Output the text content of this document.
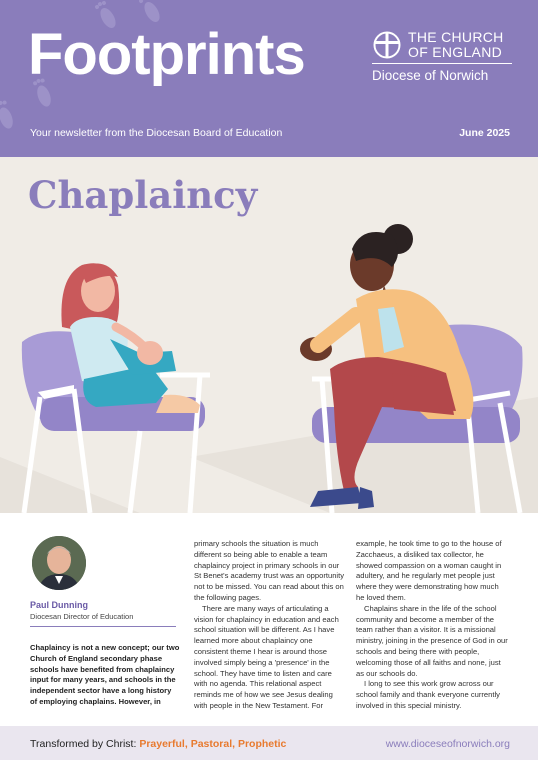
Footprints	THE CHURCH
OF ENGLAND
Diocese of Norwich
Your newsletter from the Diocesan Board of Education	June 2025
Chaplaincy
Paul Dunning
Diocesan Director of Education
Chaplaincy is not a new concept; our two Church of England secondary phase schools have benefited from chaplaincy input for many years, and schools in the independent sector have a long history of employing chaplains. However, in

primary schools the situation is much different so being able to enable a team chaplaincy project in primary schools in our St Benet's academy trust was an opportunity not to be missed. You can read about this on the following pages.

There are many ways of articulating a vision for chaplaincy in education and each school situation will be different. As I have learned more about chaplaincy one consistent theme I hear is around those involved simply being a 'presence' in the school. They have time to listen and care with no agenda. This relational aspect reminds me of how we see Jesus dealing with people in the New Testament. For

example, he took time to go to the house of Zacchaeus, a disliked tax collector, he showed compassion on a woman caught in adultery, and he regularly met people just where they were demonstrating how much he loved them.

Chaplains share in the life of the school community and become a member of the team rather than a visitor. It is a missional ministry, joining in the presence of God in our schools and being there with people, welcoming those of all faiths and none, just as our schools do.

I long to see this work grow across our school family and thank everyone currently involved in this special ministry.

Transformed by Christ: Prayerful, Pastoral, Prophetic	www.dioceseofnorwich.org
